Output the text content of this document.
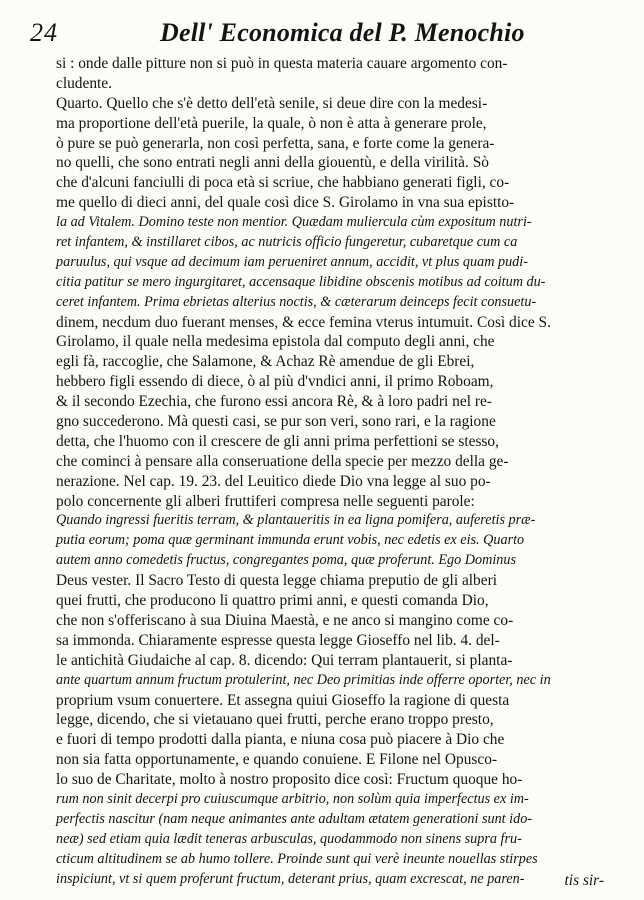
24	Dell' Economica del P. Menochio
si : onde dalle pitture non si può in questa materia cauare argomento con-
cludente.
Quarto. Quello che s'è detto dell'età senile, si deue dire con la medesi-
ma proportione dell'età puerile, la quale, ò non è atta à generare prole,
ò pure se può generarla, non così perfetta, sana, e forte come la genera-
no quelli, che sono entrati negli anni della giouentù, e della virilità. Sò
che d'alcuni fanciulli di poca età si scriue, che habbiano generati figli, co-
me quello di dieci anni, del quale così dice S. Girolamo in vna sua epistto-
la ad Vitalem. Domino teste non mentior. Quædam muliercula cùm expositum nutri-
ret infantem, & instillaret cibos, ac nutricis officio fungeretur, cubaretque cum ca
paruulus, qui vsque ad decimum iam perueniret annum, accidit, vt plus quam pudi-
citia patitur se mero ingurgitaret, accensaque libidine obscenis motibus ad coitum du-
ceret infantem. Prima ebrietas alterius noctis, & cæterarum deinceps fecit consuetu-
dinem, necdum duo fuerant menses, & ecce femina vterus intumuit. Così dice S.
Girolamo, il quale nella medesima epistola dal computo degli anni, che
egli fà, raccoglie, che Salamone, & Achaz Rè amendue de gli Ebrei,
hebbero figli essendo di diece, ò al più d'vndici anni, il primo Roboam,
& il secondo Ezechia, che furono essi ancora Rè, & à loro padri nel re-
gno succederono. Mà questi casi, se pur son veri, sono rari, e la ragione
detta, che l'huomo con il crescere de gli anni prima perfettioni se stesso,
che cominci à pensare alla conseruatione della specie per mezzo della ge-
nerazione. Nel cap. 19. 23. del Leuitico diede Dio vna legge al suo po-
polo concernente gli alberi fruttiferi compresa nelle seguenti parole:
Quando ingressi fueritis terram, & plantaueritis in ea ligna pomifera, auferetis præ-
putia eorum; poma quæ germinant immunda erunt vobis, nec edetis ex eis. Quarto
autem anno comedetis fructus, congregantes poma, quæ proferunt. Ego Dominus
Deus vester. Il Sacro Testo di questa legge chiama preputio de gli alberi
quei frutti, che producono li quattro primi anni, e questi comanda Dio,
che non s'offeriscano à sua Diuina Maestà, e ne anco si mangino come co-
sa immonda. Chiaramente espresse questa legge Gioseffo nel lib. 4. del-
le antichità Giudaiche al cap. 8. dicendo: Qui terram plantauerit, si planta-
ante quartum annum fructum protulerint, nec Deo primitias inde offerre oporter, nec in
proprium vsum conuertere. Et assegna quiui Gioseffo la ragione di questa
legge, dicendo, che si vietauano quei frutti, perche erano troppo presto,
e fuori di tempo prodotti dalla pianta, e niuna cosa può piacere à Dio che
non sia fatta opportunamente, e quando conuiene. E Filone nel Opusco-
lo suo de Charitate, molto à nostro proposito dice così: Fructum quoque ho-
rum non sinit decerpi pro cuiuscumque arbitrio, non solùm quia imperfectus ex im-
perfectis nascitur (nam neque animantes ante adultam ætatem generationi sunt ido-
neæ) sed etiam quia lædit teneras arbusculas, quodammodo non sinens supra fru-
cticum altitudinem se ab humo tollere. Proinde sunt qui verè ineunte nouellas stirpes
inspiciunt, vt si quem proferunt fructum, deterant prius, quam excrescat, ne paren-	tis sir-
